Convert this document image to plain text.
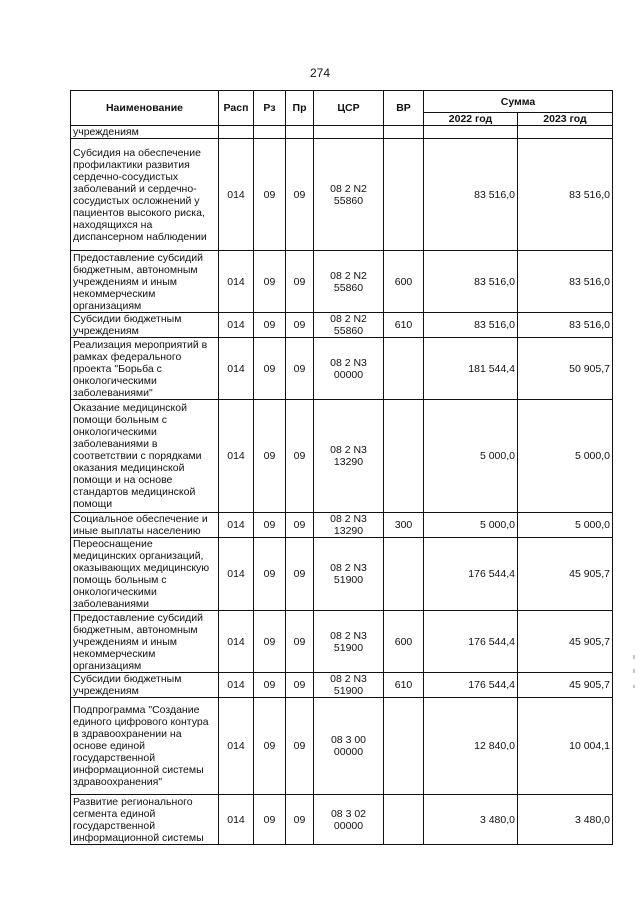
274
Наименование	Расп	Рз	Пр	ЦСР	ВР	Сумма	
						2022 год	2023 год
учреждениям							
Субсидия на обеспечение профилактики развития сердечно-сосудистых заболеваний и сердечно-сосудистых осложнений у пациентов высокого риска, находящихся на диспансерном наблюдении	014	09	09	08 2 N2 55860		83 516,0	83 516,0
Предоставление субсидий бюджетным, автономным учреждениям и иным некоммерческим организациям	014	09	09	08 2 N2 55860	600	83 516,0	83 516,0
Субсидии бюджетным учреждениям	014	09	09	08 2 N2 55860	610	83 516,0	83 516,0
Реализация мероприятий в рамках федерального проекта "Борьба с онкологическими заболеваниями"	014	09	09	08 2 N3 00000		181 544,4	50 905,7
Оказание медицинской помощи больным с онкологическими заболеваниями в соответствии с порядками оказания медицинской помощи и на основе стандартов медицинской помощи	014	09	09	08 2 N3 13290		5 000,0	5 000,0
Социальное обеспечение и иные выплаты населению	014	09	09	08 2 N3 13290	300	5 000,0	5 000,0
Переоснащение медицинских организаций, оказывающих медицинскую помощь больным с онкологическими заболеваниями	014	09	09	08 2 N3 51900		176 544,4	45 905,7
Предоставление субсидий бюджетным, автономным учреждениям и иным некоммерческим организациям	014	09	09	08 2 N3 51900	600	176 544,4	45 905,7
Субсидии бюджетным учреждениям	014	09	09	08 2 N3 51900	610	176 544,4	45 905,7
Подпрограмма "Создание единого цифрового контура в здравоохранении на основе единой государственной информационной системы здравоохранения"	014	09	09	08 3 00 00000		12 840,0	10 004,1
Развитие регионального сегмента единой государственной информационной системы	014	09	09	08 3 02 00000		3 480,0	3 480,0
